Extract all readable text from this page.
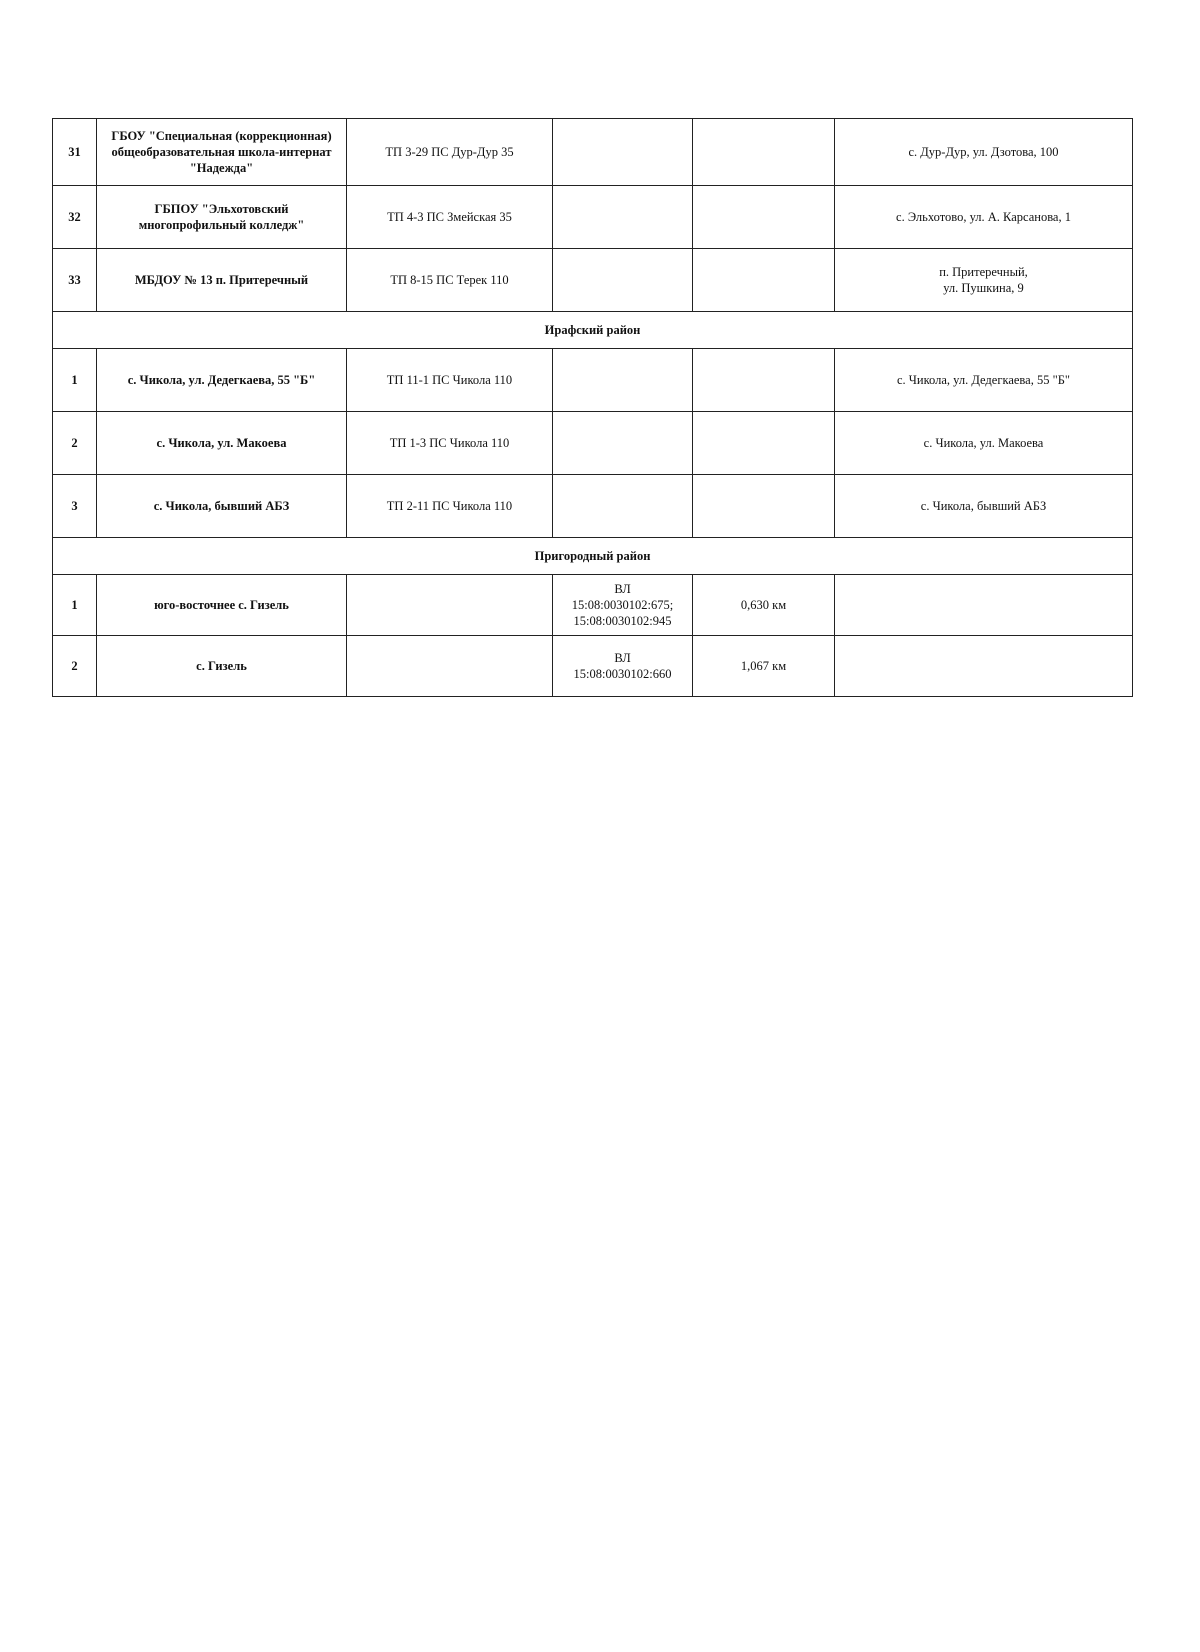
31	ГБОУ "Специальная (коррекционная)
общеобразовательная школа-интернат
"Надежда"	ТП 3-29 ПС Дур-Дур 35			с. Дур-Дур, ул. Дзотова, 100

32	ГБПОУ "Эльхотовский
многопрофильный колледж"	ТП 4-3 ПС Змейская 35			с. Эльхотово, ул. А. Карсанова, 1

33	МБДОУ № 13 п. Притеречный	ТП 8-15 ПС Терек 110			п. Притеречный,
ул. Пушкина, 9

Ирафский район					
1	с. Чикола, ул. Дедегкаева, 55 "Б"	ТП 11-1 ПС Чикола 110			с. Чикола, ул. Дедегкаева, 55 "Б"

2	с. Чикола, ул. Макоева	ТП 1-3 ПС Чикола 110			с. Чикола, ул. Макоева

3	с. Чикола, бывший АБЗ	ТП 2-11 ПС Чикола 110			с. Чикола, бывший АБЗ

Пригородный район					
1	юго-восточнее с. Гизель		ВЛ
15:08:0030102:675;
15:08:0030102:945	0,630 км	
2	с. Гизель		ВЛ
15:08:0030102:660	1,067 км	
